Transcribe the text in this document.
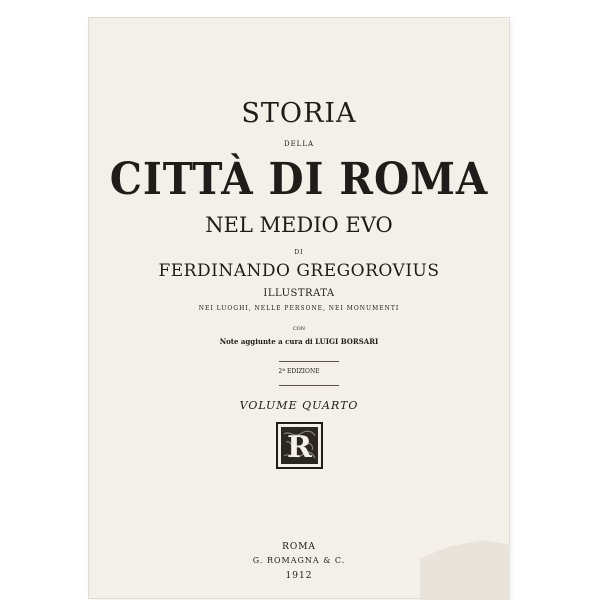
STORIA
DELLA
CITTÀ DI ROMA
NEL MEDIO EVO
DI
FERDINANDO GREGOROVIUS
ILLUSTRATA
NEI LUOGHI, NELLE PERSONE, NEI MONUMENTI
CON
Note aggiunte a cura di LUIGI BORSARI
2ª EDIZIONE
VOLUME QUARTO
R
ROMA
G. ROMAGNA & C.
1912
